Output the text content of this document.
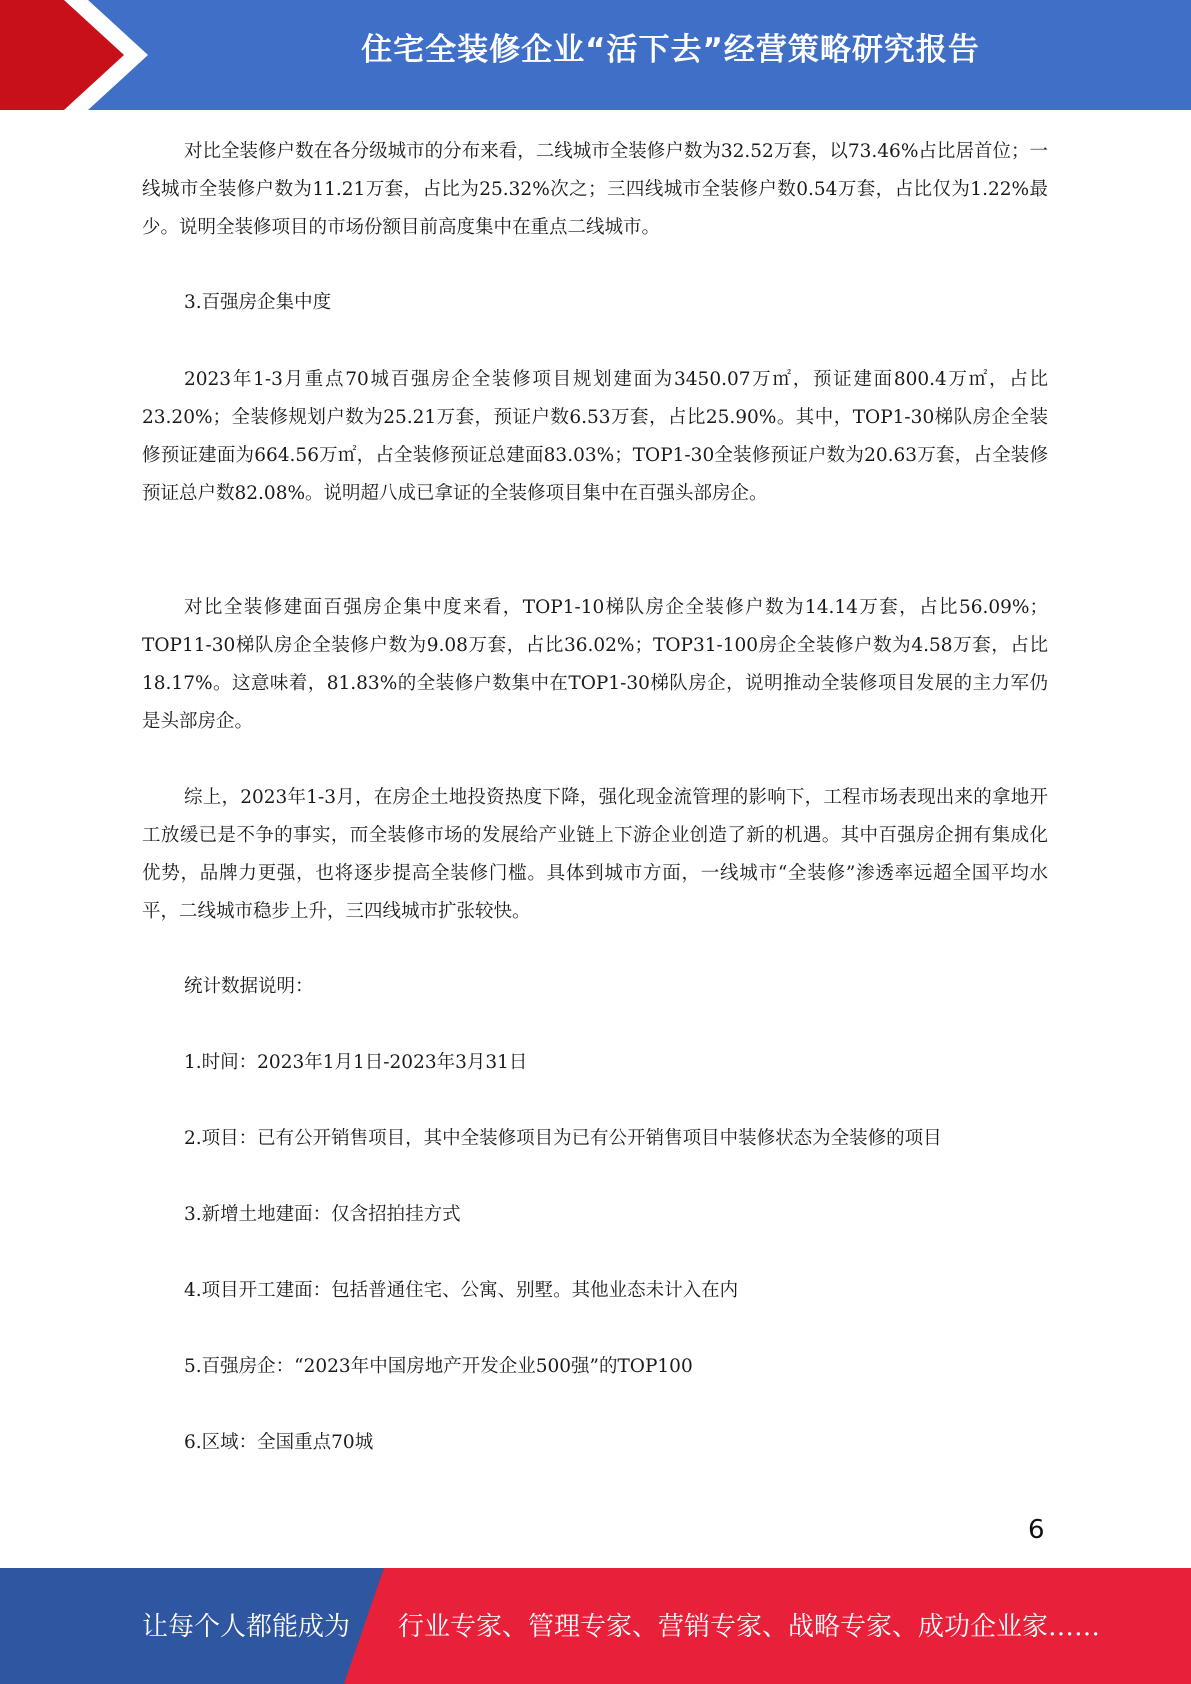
住宅全装修企业“活下去”经营策略研究报告

对比全装修户数在各分级城市的分布来看，二线城市全装修户数为32.52万套，以73.46%占比居首位；一线城市全装修户数为11.21万套，占比为25.32%次之；三四线城市全装修户数0.54万套，占比仅为1.22%最少。说明全装修项目的市场份额目前高度集中在重点二线城市。

3.百强房企集中度

2023年1-3月重点70城百强房企全装修项目规划建面为3450.07万㎡，预证建面800.4万㎡，占比23.20%；全装修规划户数为25.21万套，预证户数6.53万套，占比25.90%。其中，TOP1-30梯队房企全装修预证建面为664.56万㎡，占全装修预证总建面83.03%；TOP1-30全装修预证户数为20.63万套，占全装修预证总户数82.08%。说明超八成已拿证的全装修项目集中在百强头部房企。

对比全装修建面百强房企集中度来看，TOP1-10梯队房企全装修户数为14.14万套，占比56.09%；TOP11-30梯队房企全装修户数为9.08万套，占比36.02%；TOP31-100房企全装修户数为4.58万套，占比18.17%。这意味着，81.83%的全装修户数集中在TOP1-30梯队房企，说明推动全装修项目发展的主力军仍是头部房企。

综上，2023年1-3月，在房企土地投资热度下降，强化现金流管理的影响下，工程市场表现出来的拿地开工放缓已是不争的事实，而全装修市场的发展给产业链上下游企业创造了新的机遇。其中百强房企拥有集成化优势，品牌力更强，也将逐步提高全装修门槛。具体到城市方面，一线城市“全装修”渗透率远超全国平均水平，二线城市稳步上升，三四线城市扩张较快。

统计数据说明：

1.时间：2023年1月1日-2023年3月31日

2.项目：已有公开销售项目，其中全装修项目为已有公开销售项目中装修状态为全装修的项目

3.新增土地建面：仅含招拍挂方式

4.项目开工建面：包括普通住宅、公寓、别墅。其他业态未计入在内

5.百强房企：“2023年中国房地产开发企业500强”的TOP100

6.区域：全国重点70城

6
让每个人都能成为 行业专家、管理专家、营销专家、战略专家、成功企业家……
